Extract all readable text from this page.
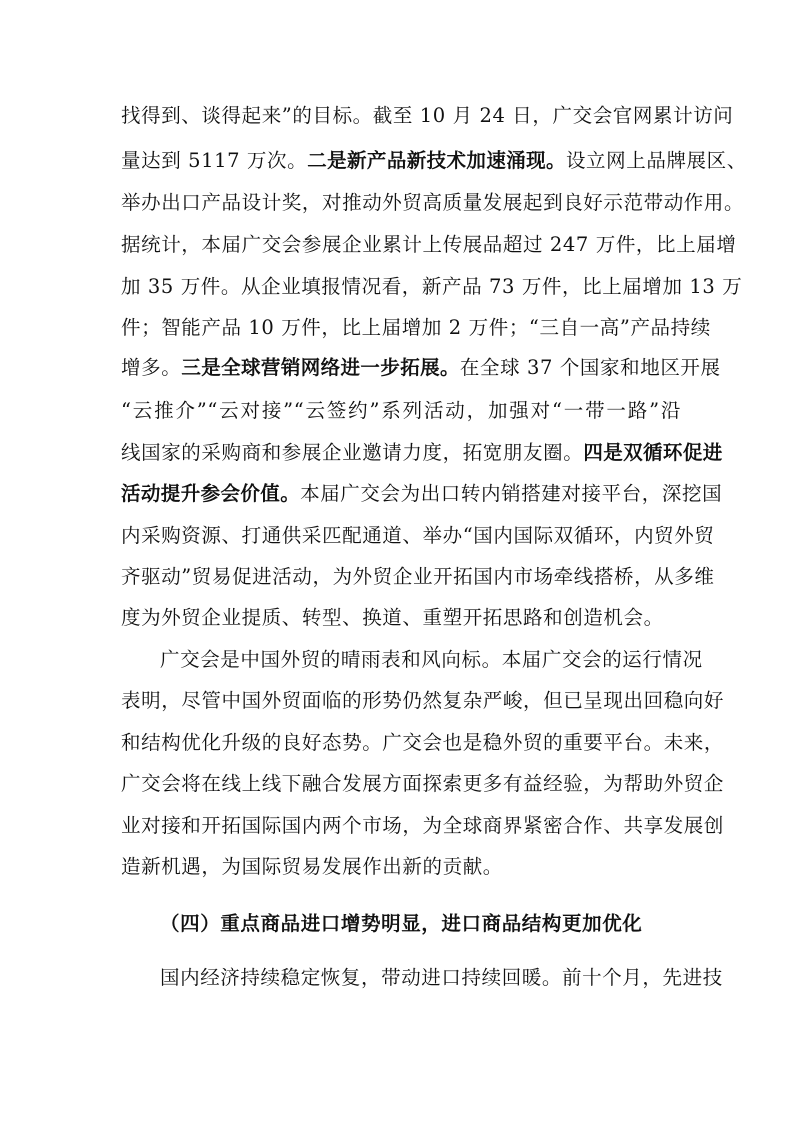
找得到、谈得起来”的目标。截至 10 月 24 日，广交会官网累计访问
量达到 5117 万次。二是新产品新技术加速涌现。设立网上品牌展区、
举办出口产品设计奖，对推动外贸高质量发展起到良好示范带动作用。
据统计，本届广交会参展企业累计上传展品超过 247 万件，比上届增
加 35 万件。从企业填报情况看，新产品 73 万件，比上届增加 13 万
件；智能产品 10 万件，比上届增加 2 万件；“三自一高”产品持续
增多。三是全球营销网络进一步拓展。在全球 37 个国家和地区开展
“云推介”“云对接”“云签约”系列活动，加强对“一带一路”沿
线国家的采购商和参展企业邀请力度，拓宽朋友圈。四是双循环促进
活动提升参会价值。本届广交会为出口转内销搭建对接平台，深挖国
内采购资源、打通供采匹配通道、举办“国内国际双循环，内贸外贸
齐驱动”贸易促进活动，为外贸企业开拓国内市场牵线搭桥，从多维
度为外贸企业提质、转型、换道、重塑开拓思路和创造机会。
广交会是中国外贸的晴雨表和风向标。本届广交会的运行情况
表明，尽管中国外贸面临的形势仍然复杂严峻，但已呈现出回稳向好
和结构优化升级的良好态势。广交会也是稳外贸的重要平台。未来，
广交会将在线上线下融合发展方面探索更多有益经验，为帮助外贸企
业对接和开拓国际国内两个市场，为全球商界紧密合作、共享发展创
造新机遇，为国际贸易发展作出新的贡献。
（四）重点商品进口增势明显，进口商品结构更加优化
国内经济持续稳定恢复，带动进口持续回暖。前十个月，先进技
